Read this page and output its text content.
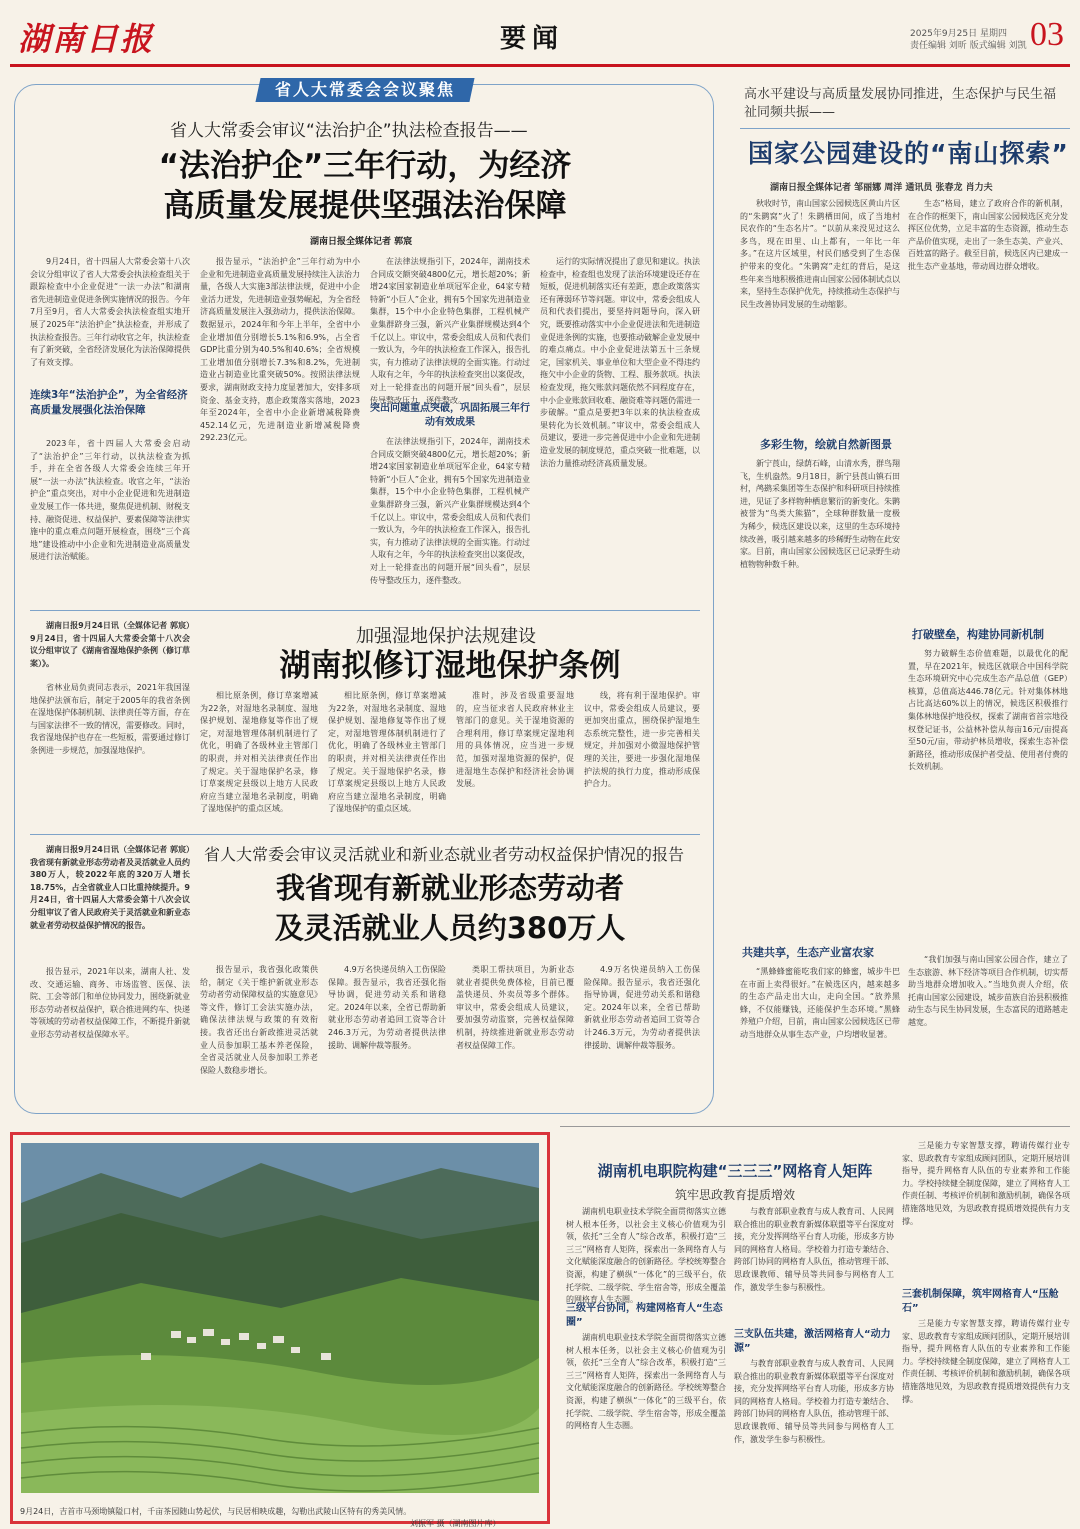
湖南日报	要闻	2025年9月25日 星期四
责任编辑 刘昕 版式编辑 刘凯 03
省人大常委会会议聚焦
省人大常委会审议“法治护企”执法检查报告——
“法治护企”三年行动，为经济
高质量发展提供坚强法治保障
湖南日报全媒体记者 郭宸

9月24日，省十四届人大常委会第十八次会议分组审议了省人大常委会执法检查组关于跟踪检查中小企业促进“一法一办法”和湖南省先进制造业促进条例实施情况的报告。今年7月至9月，省人大常委会执法检查组实地开展了2025年“法治护企”执法检查，并形成了执法检查报告。三年行动收官之年，执法检查有了新突破，全省经济发展化为法治保障提供了有效支撑。

连续3年“法治护企”，为全省经济高质量发展强化法治保障

2023年，省十四届人大常委会启动了“法治护企”三年行动，以执法检查为抓手，并在全省各级人大常委会连续三年开展“一法一办法”执法检查。收官之年，“法治护企”重点突出，对中小企业促进和先进制造业发展工作一体共进，聚焦促进机制、财税支持、融资促进、权益保护、要素保障等法律实施中的重点难点问题开展检查，围绕“三个高地”建设推动中小企业和先进制造业高质量发展进行法治赋能。

报告显示，“法治护企”三年行动为中小企业和先进制造业高质量发展持续注入法治力量，各级人大实施3部法律法规，促进中小企业活力迸发，先进制造业强势崛起，为全省经济高质量发展注入强劲动力，提供法治保障。数据显示，2024年和今年上半年，全省中小企业增加值分别增长5.1%和6.9%，占全省GDP比重分别为40.5%和40.6%；全省规模工业增加值分别增长7.3%和8.2%，先进制造业占制造业比重突破50%。按照法律法规要求，湖南财政支持力度显著加大，安排多项资金、基金支持，惠企政策落实落地，2023年至2024年，全省中小企业新增减税降费452.14亿元，先进制造业新增减税降费292.23亿元。

在法律法规指引下，2024年，湖南技术合同成交额突破4800亿元，增长超20%；新增24家国家制造业单项冠军企业，64家专精特新“小巨人”企业，拥有5个国家先进制造业集群，15个中小企业特色集群，工程机械产业集群跻身三强，新兴产业集群规模达到4个千亿以上。审议中，常委会组成人员和代表们一致认为，今年的执法检查工作深入，报告扎实，有力推动了法律法规的全面实施。行动过人取有之年，今年的执法检查突出以案促改，对上一轮排查出的问题开展“回头看”，层层传导整改压力，逐件整改。

突出问题重点突破，巩固拓展三年行动有效成果

在法律法规指引下，2024年，湖南技术合同成交额突破4800亿元，增长超20%；新增24家国家制造业单项冠军企业，64家专精特新“小巨人”企业，拥有5个国家先进制造业集群，15个中小企业特色集群，工程机械产业集群跻身三强，新兴产业集群规模达到4个千亿以上。审议中，常委会组成人员和代表们一致认为，今年的执法检查工作深入，报告扎实，有力推动了法律法规的全面实施。行动过人取有之年，今年的执法检查突出以案促改，对上一轮排查出的问题开展“回头看”，层层传导整改压力，逐件整改。

运行的实际情况提出了意见和建议。执法检查中，检查组也发现了法治环境建设还存在短板，促进机制落实还有差距，惠企政策落实还有薄弱环节等问题。审议中，常委会组成人员和代表们提出，要坚持问题导向，深入研究，既要推动落实中小企业促进法和先进制造业促进条例的实施，也要推动破解企业发展中的难点痛点。中小企业促进法第五十三条规定，国家机关、事业单位和大型企业不得违约拖欠中小企业的货物、工程、服务款项。执法检查发现，拖欠账款问题依然不同程度存在，中小企业账款回收难、融资难等问题仍需进一步破解。“重点是要把3年以来的执法检查成果转化为长效机制。”审议中，常委会组成人员建议，要进一步完善促进中小企业和先进制造业发展的制度规范，重点突破一批难题，以法治力量推动经济高质量发展。

湖南日报9月24日讯（全媒体记者 郭宸）9月24日，省十四届人大常委会第十八次会议分组审议了《湖南省湿地保护条例（修订草案）》。

省林业局负责同志表示，2021年我国湿地保护法颁布后，制定于2005年的我省条例在湿地保护体制机制、法律责任等方面，存在与国家法律不一致的情况，需要修改。同时，我省湿地保护也存在一些短板，需要通过修订条例进一步规范，加强湿地保护。

加强湿地保护法规建设
湖南拟修订湿地保护条例

相比原条例，修订草案增减为22条，对湿地名录制度、湿地保护规划、湿地修复等作出了规定，对湿地管理体制机制进行了优化，明确了各级林业主管部门的职责，并对相关法律责任作出了规定。关于湿地保护名录，修订草案规定县级以上地方人民政府应当建立湿地名录制度，明确了湿地保护的重点区域。

相比原条例，修订草案增减为22条，对湿地名录制度、湿地保护规划、湿地修复等作出了规定，对湿地管理体制机制进行了优化，明确了各级林业主管部门的职责，并对相关法律责任作出了规定。关于湿地保护名录，修订草案规定县级以上地方人民政府应当建立湿地名录制度，明确了湿地保护的重点区域。

准时，涉及省级重要湿地的，应当征求省人民政府林业主管部门的意见。关于湿地资源的合理利用，修订草案规定湿地利用的具体情况，应当进一步规范，加强对湿地资源的保护，促进湿地生态保护和经济社会协调发展。

线，将有利于湿地保护。审议中，常委会组成人员建议，要更加突出重点，围绕保护湿地生态系统完整性，进一步完善相关规定，并加强对小微湿地保护管理的关注，要进一步强化湿地保护法规的执行力度，推动形成保护合力。

湖南日报9月24日讯（全媒体记者 郭宸）我省现有新就业形态劳动者及灵活就业人员约380万人，较2022年底的320万人增长18.75%，占全省就业人口比重持续提升。9月24日，省十四届人大常委会第十八次会议分组审议了省人民政府关于灵活就业和新业态就业者劳动权益保护情况的报告。

报告显示，2021年以来，湖南人社、发改、交通运输、商务、市场监管、医保、法院、工会等部门和单位协同发力，围绕新就业形态劳动者权益保护，联合推进网约车、快递等领域的劳动者权益保障工作，不断提升新就业形态劳动者权益保障水平。

省人大常委会审议灵活就业和新业态就业者劳动权益保护情况的报告
我省现有新就业形态劳动者
及灵活就业人员约380万人

报告显示，我省强化政策供给，制定《关于维护新就业形态劳动者劳动保障权益的实施意见》等文件，修订工会法实施办法，确保法律法规与政策的有效衔接。我省还出台新政推进灵活就业人员参加职工基本养老保险，全省灵活就业人员参加职工养老保险人数稳步增长。

4.9万名快递员纳入工伤保险保障。报告显示，我省还强化指导协调，促进劳动关系和谐稳定。2024年以来，全省已帮助新就业形态劳动者追回工资等合计246.3万元，为劳动者提供法律援助、调解仲裁等服务。

类职工帮扶项目，为新业态就业者提供免费体检，目前已覆盖快递员、外卖员等多个群体。审议中，常委会组成人员建议，要加强劳动监察，完善权益保障机制，持续推进新就业形态劳动者权益保障工作。

4.9万名快递员纳入工伤保险保障。报告显示，我省还强化指导协调，促进劳动关系和谐稳定。2024年以来，全省已帮助新就业形态劳动者追回工资等合计246.3万元，为劳动者提供法律援助、调解仲裁等服务。

高水平建设与高质量发展协同推进，生态保护与民生福祉同频共振——
国家公园建设的“南山探索”
湖南日报全媒体记者 邹丽娜 周洋 通讯员 张春龙 肖力夫

秋收时节，南山国家公园候选区黄山片区的“朱鹮窝”火了！朱鹮栖田间，成了当地村民农作的“生态名片”。“以前从来没见过这么多鸟，现在田里、山上都有，一年比一年多。”在这片区域里，村民们感受到了生态保护带来的变化。“朱鹮窝”走红的背后，是这些年来当地积极推进南山国家公园体制试点以来，坚持生态保护优先，持续推动生态保护与民生改善协同发展的生动缩影。

多彩生物，绘就自然新图景

新宁莨山，绿荫石峰，山清水秀，群鸟翔飞，生机盎然。9月18日，新宁县莨山镇石田村，鸬鹚采集团等生态保护和科研项目持续推进，见证了多样物种栖息繁衍的新变化。朱鹮被誉为“鸟类大熊猫”，全球种群数量一度极为稀少，候选区建设以来，这里的生态环境持续改善，吸引越来越多的珍稀野生动物在此安家。目前，南山国家公园候选区已记录野生动植物物种数千种。

共建共享，生态产业富农家

“黑蜂蜂蜜能吃我们家的蜂蜜，城步牛巴在市面上卖得很好。”在候选区内，越来越多的生态产品走出大山，走向全国。“放养黑蜂，不仅能赚钱，还能保护生态环境。”黑蜂养殖户介绍，目前，南山国家公园候选区已带动当地群众从事生态产业，户均增收显著。

生态”格局，建立了政府合作的新机制，在合作的框架下，南山国家公园候选区充分发挥区位优势，立足丰富的生态资源，推动生态产品价值实现，走出了一条生态美、产业兴、百姓富的路子。截至目前，候选区内已建成一批生态产业基地，带动周边群众增收。

打破壁垒，构建协同新机制

努力破解生态价值难题，以最优化的配置，早在2021年，候选区就联合中国科学院生态环境研究中心完成生态产品总值（GEP）核算，总值高达446.78亿元。针对集体林地占比高达60%以上的情况，候选区积极推行集体林地保护地役权，探索了湖南省首宗地役权登记证书，公益林补偿从每亩16元/亩提高至50元/亩，带动护林员增收，探索生态补偿新路径，推动形成保护者受益、使用者付费的长效机制。

“我们加强与南山国家公园合作，建立了生态旅游、林下经济等项目合作机制，切实帮助当地群众增加收入。”当地负责人介绍，依托南山国家公园建设，城步苗族自治县积极推动生态与民生协同发展，生态富民的道路越走越宽。

9月24日，吉首市马颈坳镇隘口村，千亩茶园随山势起伏，与民居相映成趣，勾勒出武陵山区特有的秀美风情。
刘振军 摄（湖南图片库）
湖南机电职院构建“三三三”网格育人矩阵
筑牢思政教育提质增效

湖南机电职业技术学院全面贯彻落实立德树人根本任务，以社会主义核心价值观为引领，依托“三全育人”综合改革，积极打造“三三三”网格育人矩阵，探索出一条网络育人与文化赋能深度融合的创新路径。学校统筹整合资源，构建了横纵“一体化”的三级平台，依托学院、二级学院、学生宿舍等，形成全覆盖的网格育人生态圈。

三级平台协同，构建网格育人“生态圈”

湖南机电职业技术学院全面贯彻落实立德树人根本任务，以社会主义核心价值观为引领，依托“三全育人”综合改革，积极打造“三三三”网格育人矩阵，探索出一条网络育人与文化赋能深度融合的创新路径。学校统筹整合资源，构建了横纵“一体化”的三级平台，依托学院、二级学院、学生宿舍等，形成全覆盖的网格育人生态圈。

与教育部职业教育与成人教育司、人民网联合推出的职业教育新媒体联盟等平台深度对接，充分发挥网络平台育人功能，形成多方协同的网格育人格局。学校着力打造专兼结合、跨部门协同的网格育人队伍，推动管理干部、思政课教师、辅导员等共同参与网格育人工作，激发学生参与积极性。

三支队伍共建，激活网格育人“动力源”

与教育部职业教育与成人教育司、人民网联合推出的职业教育新媒体联盟等平台深度对接，充分发挥网络平台育人功能，形成多方协同的网格育人格局。学校着力打造专兼结合、跨部门协同的网格育人队伍，推动管理干部、思政课教师、辅导员等共同参与网格育人工作，激发学生参与积极性。

三是能力专家智慧支撑，聘请传媒行业专家、思政教育专家组成顾问团队，定期开展培训指导，提升网格育人队伍的专业素养和工作能力。学校持续健全制度保障，建立了网格育人工作责任制、考核评价机制和激励机制，确保各项措施落地见效，为思政教育提质增效提供有力支撑。

三套机制保障，筑牢网格育人“压舱石”

三是能力专家智慧支撑，聘请传媒行业专家、思政教育专家组成顾问团队，定期开展培训指导，提升网格育人队伍的专业素养和工作能力。学校持续健全制度保障，建立了网格育人工作责任制、考核评价机制和激励机制，确保各项措施落地见效，为思政教育提质增效提供有力支撑。
